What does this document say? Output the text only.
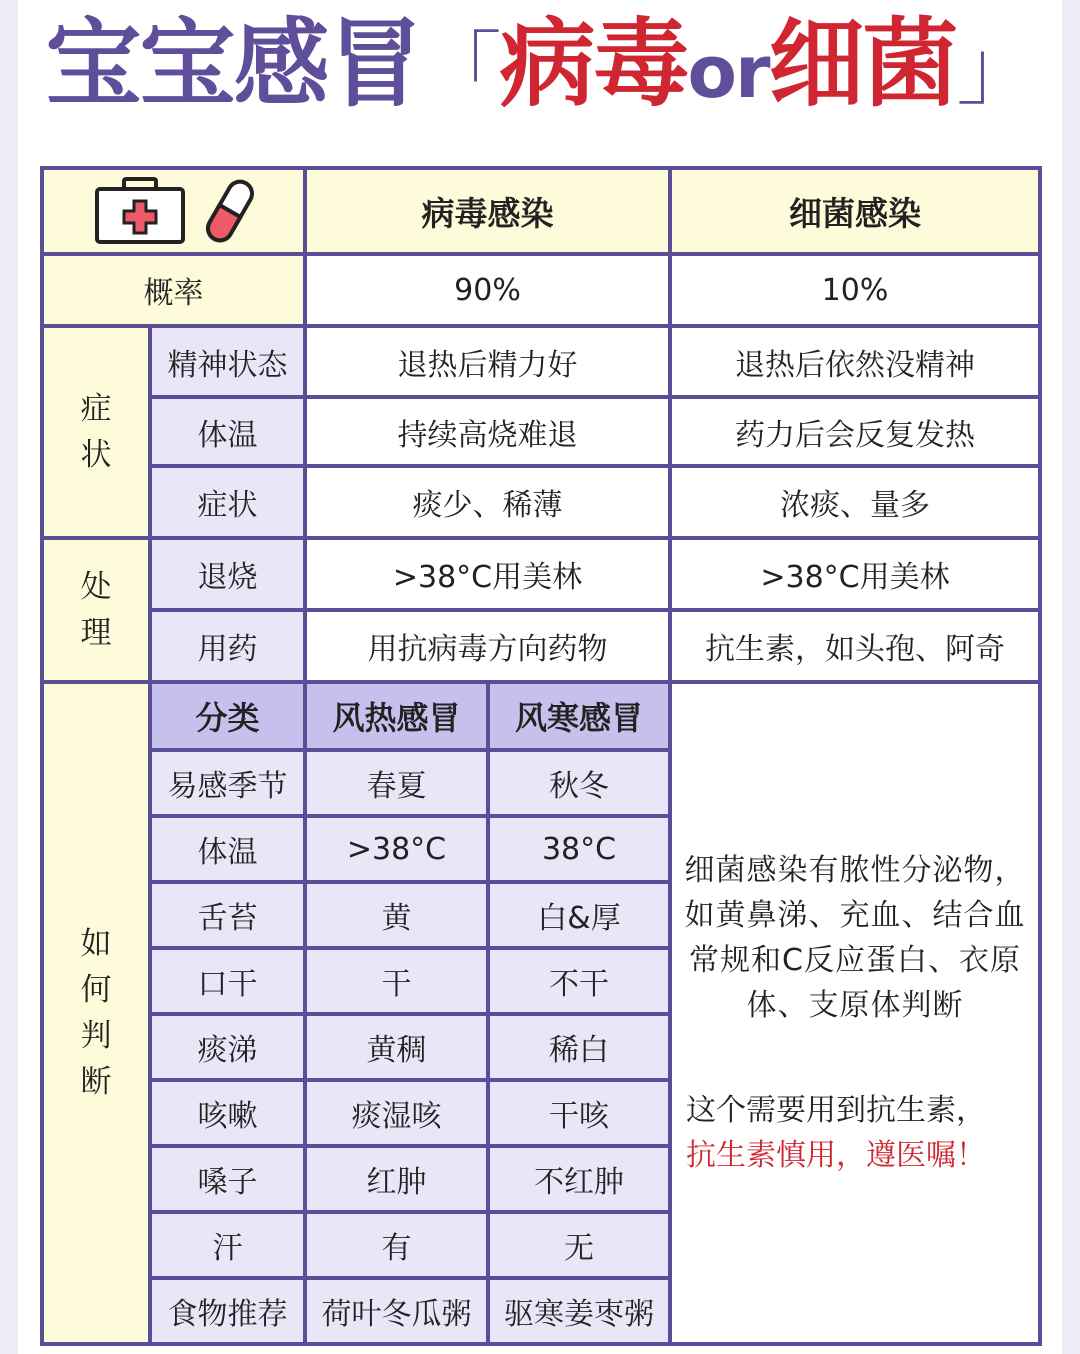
宝宝感冒「病毒or细菌」
	病毒感染		细菌感染
概率		90%		10%
症状	精神状态	退热后精力好		退热后依然没精神
	体温	持续高烧难退		药力后会反复发热
	症状	痰少、稀薄		浓痰、量多
处理	退烧	>38°C用美林		>38°C用美林
	用药	用抗病毒方向药物		抗生素，如头孢、阿奇
如何判断	分类	风热感冒	风寒感冒	细菌感染有脓性分泌物，如黄鼻涕、充血、结合血常规和C反应蛋白、衣原体、支原体判断
这个需要用到抗生素，
抗生素慎用，遵医嘱！

	易感季节	春夏	秋冬	
	体温	>38°C	38°C	
	舌苔	黄	白&厚	
	口干	干	不干	
	痰涕	黄稠	稀白	
	咳嗽	痰湿咳	干咳	
	嗓子	红肿	不红肿	
	汗	有	无	
	食物推荐	荷叶冬瓜粥	驱寒姜枣粥	
